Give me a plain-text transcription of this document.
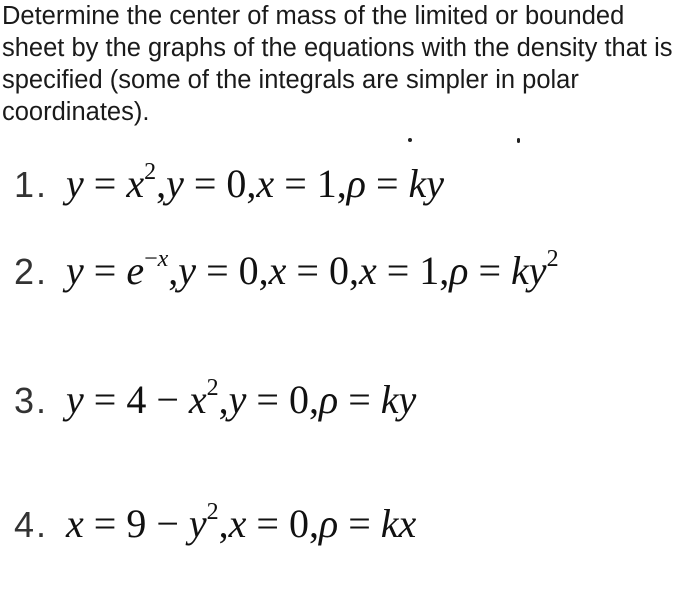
Determine the center of mass of the limited or bounded sheet by the graphs of the equations with the density that is specified (some of the integrals are simpler in polar coordinates).

1. $y = x^2,y = 0,x = 1,\rho$ = ky
2. $y = e^{-x},y = 0,x = 0,x = 1,\rho = ky^2$
3. $y = 4 - x^2,y = 0,\rho$ = ky
4. $x = 9 - y^2,x = 0,\rho$ = kx
